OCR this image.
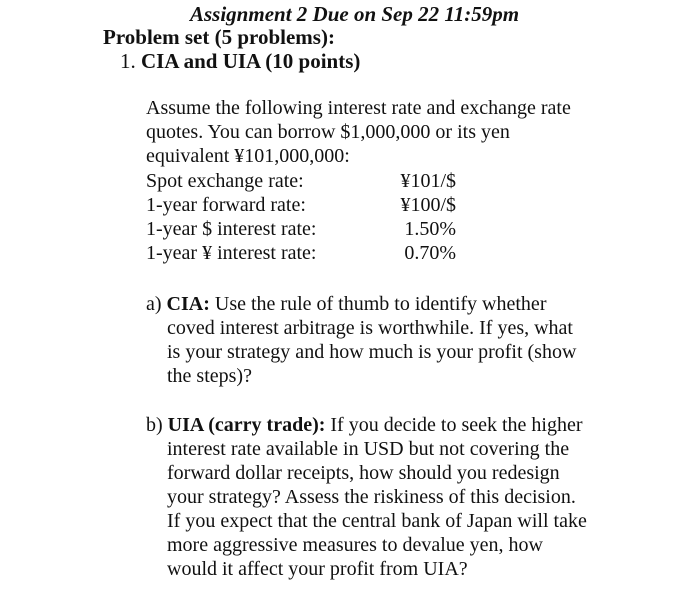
Assignment 2 Due on Sep 22 11:59pm
Problem set (5 problems):
1. CIA and UIA (10 points)
Assume the following interest rate and exchange rate
quotes. You can borrow $1,000,000 or its yen
equivalent ¥101,000,000:
Spot exchange rate:
1-year forward rate:
1-year $ interest rate:
1-year ¥ interest rate:
¥101/$
¥100/$
1.50%
0.70%
a) CIA: Use the rule of thumb to identify whether
coved interest arbitrage is worthwhile. If yes, what
is your strategy and how much is your profit (show
the steps)?
b) UIA (carry trade): If you decide to seek the higher
interest rate available in USD but not covering the
forward dollar receipts, how should you redesign
your strategy? Assess the riskiness of this decision.
If you expect that the central bank of Japan will take
more aggressive measures to devalue yen, how
would it affect your profit from UIA?
